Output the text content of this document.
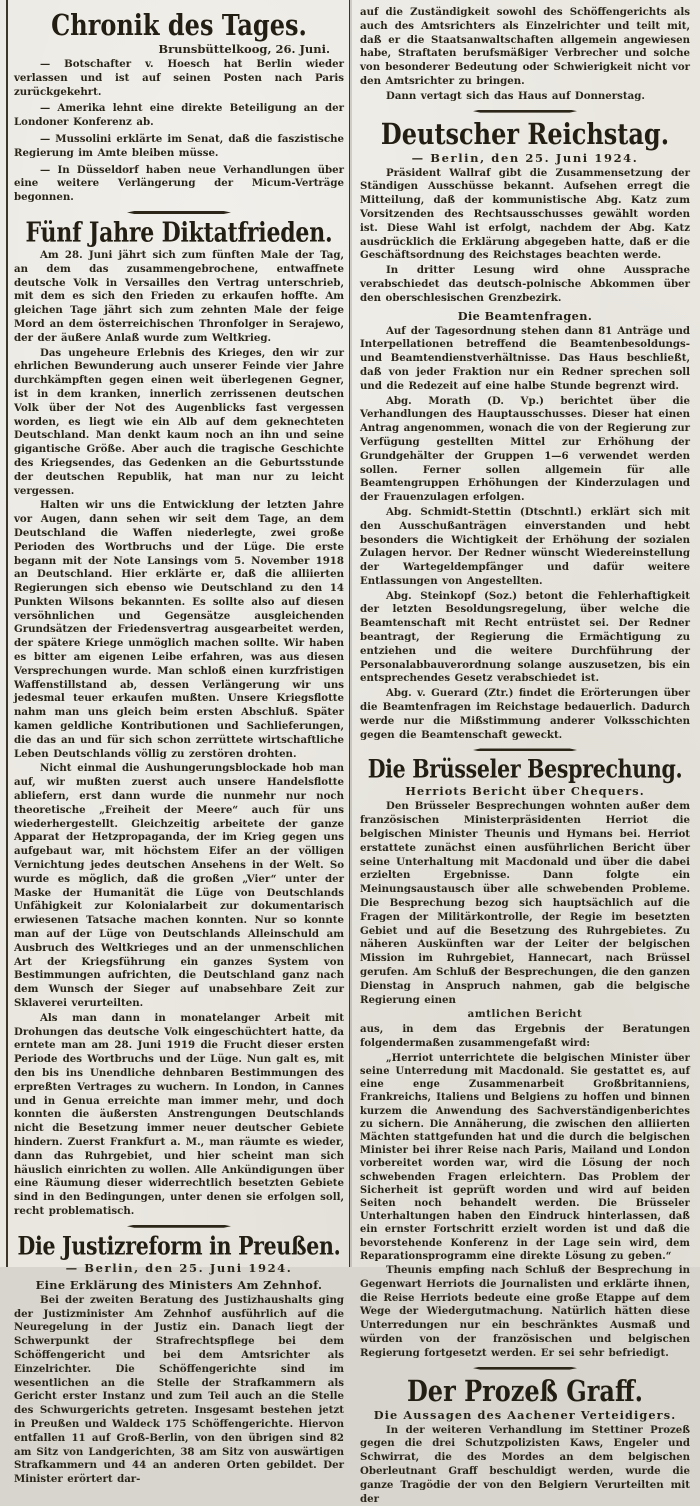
Chronik des Tages.
Brunsbüttelkoog, 26. Juni.

— Botschafter v. Hoesch hat Berlin wieder verlassen und ist auf seinen Posten nach Paris zurückgekehrt.

— Amerika lehnt eine direkte Beteiligung an der Londoner Konferenz ab.

— Mussolini erklärte im Senat, daß die faszistische Regierung im Amte bleiben müsse.

— In Düsseldorf haben neue Verhandlungen über eine weitere Verlängerung der Micum-Verträge begonnen.

Fünf Jahre Diktatfrieden.

Am 28. Juni jährt sich zum fünften Male der Tag, an dem das zusammengebrochene, entwaffnete deutsche Volk in Versailles den Vertrag unterschrieb, mit dem es sich den Frieden zu erkaufen hoffte. Am gleichen Tage jährt sich zum zehnten Male der feige Mord an dem österreichischen Thronfolger in Serajewo, der der äußere Anlaß wurde zum Weltkrieg.

Das ungeheure Erlebnis des Krieges, den wir zur ehrlichen Bewunderung auch unserer Feinde vier Jahre durchkämpften gegen einen weit überlegenen Gegner, ist in dem kranken, innerlich zerrissenen deutschen Volk über der Not des Augenblicks fast vergessen worden, es liegt wie ein Alb auf dem geknechteten Deutschland. Man denkt kaum noch an ihn und seine gigantische Größe. Aber auch die tragische Geschichte des Kriegsendes, das Gedenken an die Geburtsstunde der deutschen Republik, hat man nur zu leicht vergessen.

Halten wir uns die Entwicklung der letzten Jahre vor Augen, dann sehen wir seit dem Tage, an dem Deutschland die Waffen niederlegte, zwei große Perioden des Wortbruchs und der Lüge. Die erste begann mit der Note Lansings vom 5. November 1918 an Deutschland. Hier erklärte er, daß die alliierten Regierungen sich ebenso wie Deutschland zu den 14 Punkten Wilsons bekannten. Es sollte also auf diesen versöhnlichen und Gegensätze ausgleichenden Grundsätzen der Friedensvertrag ausgearbeitet werden, der spätere Kriege unmöglich machen sollte. Wir haben es bitter am eigenen Leibe erfahren, was aus diesen Versprechungen wurde. Man schloß einen kurzfristigen Waffenstillstand ab, dessen Verlängerung wir uns jedesmal teuer erkaufen mußten. Unsere Kriegsflotte nahm man uns gleich beim ersten Abschluß. Später kamen geldliche Kontributionen und Sachlieferungen, die das an und für sich schon zerrüttete wirtschaftliche Leben Deutschlands völlig zu zerstören drohten.

Nicht einmal die Aushungerungsblockade hob man auf, wir mußten zuerst auch unsere Handelsflotte abliefern, erst dann wurde die nunmehr nur noch theoretische „Freiheit der Meere“ auch für uns wiederhergestellt. Gleichzeitig arbeitete der ganze Apparat der Hetzpropaganda, der im Krieg gegen uns aufgebaut war, mit höchstem Eifer an der völligen Vernichtung jedes deutschen Ansehens in der Welt. So wurde es möglich, daß die großen „Vier“ unter der Maske der Humanität die Lüge von Deutschlands Unfähigkeit zur Kolonialarbeit zur dokumentarisch erwiesenen Tatsache machen konnten. Nur so konnte man auf der Lüge von Deutschlands Alleinschuld am Ausbruch des Weltkrieges und an der unmenschlichen Art der Kriegsführung ein ganzes System von Bestimmungen aufrichten, die Deutschland ganz nach dem Wunsch der Sieger auf unabsehbare Zeit zur Sklaverei verurteilten.

Als man dann in monatelanger Arbeit mit Drohungen das deutsche Volk eingeschüchtert hatte, da erntete man am 28. Juni 1919 die Frucht dieser ersten Periode des Wortbruchs und der Lüge. Nun galt es, mit den bis ins Unendliche dehnbaren Bestimmungen des erpreßten Vertrages zu wuchern. In London, in Cannes und in Genua erreichte man immer mehr, und doch konnten die äußersten Anstrengungen Deutschlands nicht die Besetzung immer neuer deutscher Gebiete hindern. Zuerst Frankfurt a. M., man räumte es wieder, dann das Ruhrgebiet, und hier scheint man sich häuslich einrichten zu wollen. Alle Ankündigungen über eine Räumung dieser widerrechtlich besetzten Gebiete sind in den Bedingungen, unter denen sie erfolgen soll, recht problematisch.

Die Justizreform in Preußen.
— Berlin, den 25. Juni 1924.
Eine Erklärung des Ministers Am Zehnhof.

Bei der zweiten Beratung des Justizhaushalts ging der Justizminister Am Zehnhof ausführlich auf die Neuregelung in der Justiz ein. Danach liegt der Schwerpunkt der Strafrechtspflege bei dem Schöffengericht und bei dem Amtsrichter als Einzelrichter. Die Schöffengerichte sind im wesentlichen an die Stelle der Strafkammern als Gericht erster Instanz und zum Teil auch an die Stelle des Schwurgerichts getreten. Insgesamt bestehen jetzt in Preußen und Waldeck 175 Schöffengerichte. Hiervon entfallen 11 auf Groß-Berlin, von den übrigen sind 82 am Sitz von Landgerichten, 38 am Sitz von auswärtigen Strafkammern und 44 an anderen Orten gebildet. Der Minister erörtert dar-

auf die Zuständigkeit sowohl des Schöffengerichts als auch des Amtsrichters als Einzelrichter und teilt mit, daß er die Staatsanwaltschaften allgemein angewiesen habe, Straftaten berufsmäßiger Verbrecher und solche von besonderer Bedeutung oder Schwierigkeit nicht vor den Amtsrichter zu bringen.

Dann vertagt sich das Haus auf Donnerstag.

Deutscher Reichstag.
— Berlin, den 25. Juni 1924.

Präsident Wallraf gibt die Zusammensetzung der Ständigen Ausschüsse bekannt. Aufsehen erregt die Mitteilung, daß der kommunistische Abg. Katz zum Vorsitzenden des Rechtsausschusses gewählt worden ist. Diese Wahl ist erfolgt, nachdem der Abg. Katz ausdrücklich die Erklärung abgegeben hatte, daß er die Geschäftsordnung des Reichstages beachten werde.

In dritter Lesung wird ohne Aussprache verabschiedet das deutsch-polnische Abkommen über den oberschlesischen Grenzbezirk.

Die Beamtenfragen.

Auf der Tagesordnung stehen dann 81 Anträge und Interpellationen betreffend die Beamtenbesoldungs- und Beamtendienstverhältnisse. Das Haus beschließt, daß von jeder Fraktion nur ein Redner sprechen soll und die Redezeit auf eine halbe Stunde begrenzt wird.

Abg. Morath (D. Vp.) berichtet über die Verhandlungen des Hauptausschusses. Dieser hat einen Antrag angenommen, wonach die von der Regierung zur Verfügung gestellten Mittel zur Erhöhung der Grundgehälter der Gruppen 1—6 verwendet werden sollen. Ferner sollen allgemein für alle Beamtengruppen Erhöhungen der Kinderzulagen und der Frauenzulagen erfolgen.

Abg. Schmidt-Stettin (Dtschntl.) erklärt sich mit den Ausschußanträgen einverstanden und hebt besonders die Wichtigkeit der Erhöhung der sozialen Zulagen hervor. Der Redner wünscht Wiedereinstellung der Wartegeldempfänger und dafür weitere Entlassungen von Angestellten.

Abg. Steinkopf (Soz.) betont die Fehlerhaftigkeit der letzten Besoldungsregelung, über welche die Beamtenschaft mit Recht entrüstet sei. Der Redner beantragt, der Regierung die Ermächtigung zu entziehen und die weitere Durchführung der Personalabbauverordnung solange auszusetzen, bis ein entsprechendes Gesetz verabschiedet ist.

Abg. v. Guerard (Ztr.) findet die Erörterungen über die Beamtenfragen im Reichstage bedauerlich. Dadurch werde nur die Mißstimmung anderer Volksschichten gegen die Beamtenschaft geweckt.

Die Brüsseler Besprechung.
Herriots Bericht über Chequers.

Den Brüsseler Besprechungen wohnten außer dem französischen Ministerpräsidenten Herriot die belgischen Minister Theunis und Hymans bei. Herriot erstattete zunächst einen ausführlichen Bericht über seine Unterhaltung mit Macdonald und über die dabei erzielten Ergebnisse. Dann folgte ein Meinungsaustausch über alle schwebenden Probleme. Die Besprechung bezog sich hauptsächlich auf die Fragen der Militärkontrolle, der Regie im besetzten Gebiet und auf die Besetzung des Ruhrgebietes. Zu näheren Auskünften war der Leiter der belgischen Mission im Ruhrgebiet, Hannecart, nach Brüssel gerufen. Am Schluß der Besprechungen, die den ganzen Dienstag in Anspruch nahmen, gab die belgische Regierung einen

amtlichen Bericht

aus, in dem das Ergebnis der Beratungen folgendermaßen zusammengefaßt wird:

„Herriot unterrichtete die belgischen Minister über seine Unterredung mit Macdonald. Sie gestattet es, auf eine enge Zusammenarbeit Großbritanniens, Frankreichs, Italiens und Belgiens zu hoffen und binnen kurzem die Anwendung des Sachverständigenberichtes zu sichern. Die Annäherung, die zwischen den alliierten Mächten stattgefunden hat und die durch die belgischen Minister bei ihrer Reise nach Paris, Mailand und London vorbereitet worden war, wird die Lösung der noch schwebenden Fragen erleichtern. Das Problem der Sicherheit ist geprüft worden und wird auf beiden Seiten noch behandelt werden. Die Brüsseler Unterhaltungen haben den Eindruck hinterlassen, daß ein ernster Fortschritt erzielt worden ist und daß die bevorstehende Konferenz in der Lage sein wird, dem Reparationsprogramm eine direkte Lösung zu geben.“

Theunis empfing nach Schluß der Besprechung in Gegenwart Herriots die Journalisten und erklärte ihnen, die Reise Herriots bedeute eine große Etappe auf dem Wege der Wiedergutmachung. Natürlich hätten diese Unterredungen nur ein beschränktes Ausmaß und würden von der französischen und belgischen Regierung fortgesetzt werden. Er sei sehr befriedigt.

Der Prozeß Graff.
Die Aussagen des Aachener Verteidigers.

In der weiteren Verhandlung im Stettiner Prozeß gegen die drei Schutzpolizisten Kaws, Engeler und Schwirrat, die des Mordes an dem belgischen Oberleutnant Graff beschuldigt werden, wurde die ganze Tragödie der von den Belgiern Verurteilten mit der
